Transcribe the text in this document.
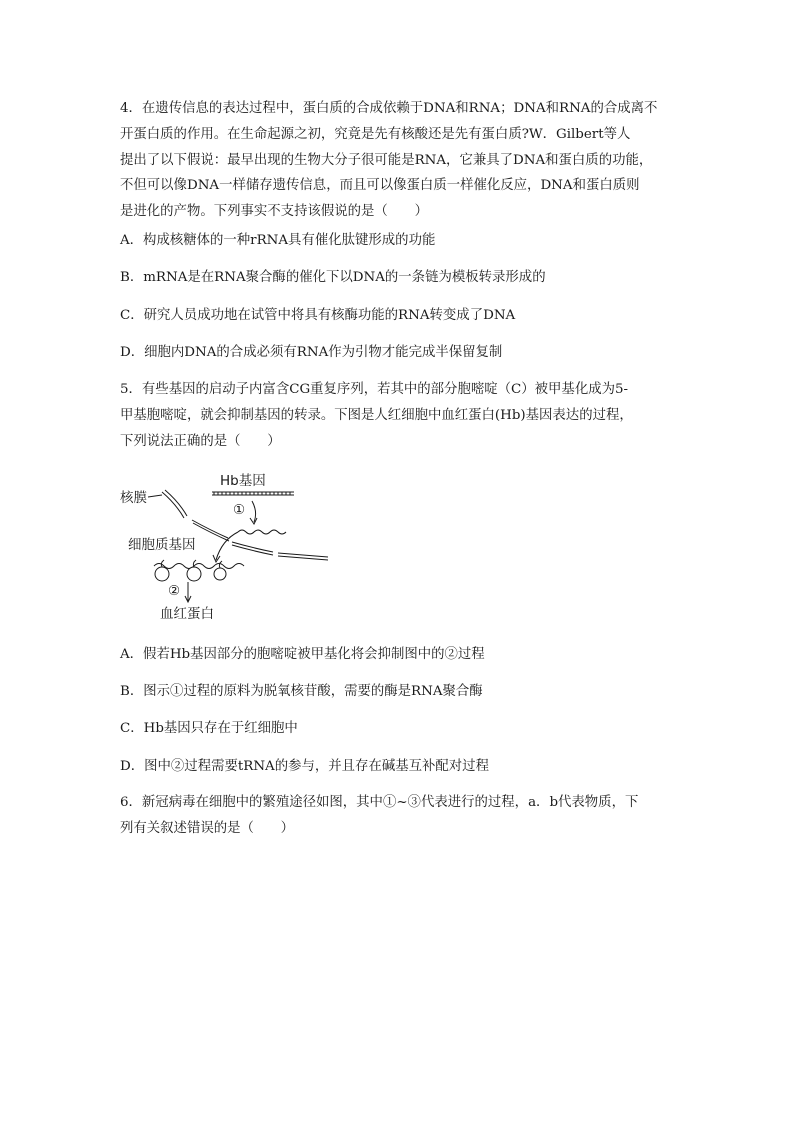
4．在遗传信息的表达过程中，蛋白质的合成依赖于DNA和RNA；DNA和RNA的合成离不

开蛋白质的作用。在生命起源之初，究竟是先有核酸还是先有蛋白质?W．Gilbert等人

提出了以下假说：最早出现的生物大分子很可能是RNA，它兼具了DNA和蛋白质的功能，

不但可以像DNA一样储存遗传信息，而且可以像蛋白质一样催化反应，DNA和蛋白质则

是进化的产物。下列事实不支持该假说的是（　　）

A．构成核糖体的一种rRNA具有催化肽键形成的功能
B．mRNA是在RNA聚合酶的催化下以DNA的一条链为模板转录形成的
C．研究人员成功地在试管中将具有核酶功能的RNA转变成了DNA
D．细胞内DNA的合成必须有RNA作为引物才能完成半保留复制

5．有些基因的启动子内富含CG重复序列，若其中的部分胞嘧啶（C）被甲基化成为5-

甲基胞嘧啶，就会抑制基因的转录。下图是人红细胞中血红蛋白(Hb)基因表达的过程，

下列说法正确的是（　　）

Hb基因
核膜
①
细胞质基因
②
血红蛋白
A．假若Hb基因部分的胞嘧啶被甲基化将会抑制图中的②过程
B．图示①过程的原料为脱氧核苷酸，需要的酶是RNA聚合酶
C．Hb基因只存在于红细胞中
D．图中②过程需要tRNA的参与，并且存在碱基互补配对过程

6．新冠病毒在细胞中的繁殖途径如图，其中①~③代表进行的过程，a．b代表物质，下

列有关叙述错误的是（　　）
